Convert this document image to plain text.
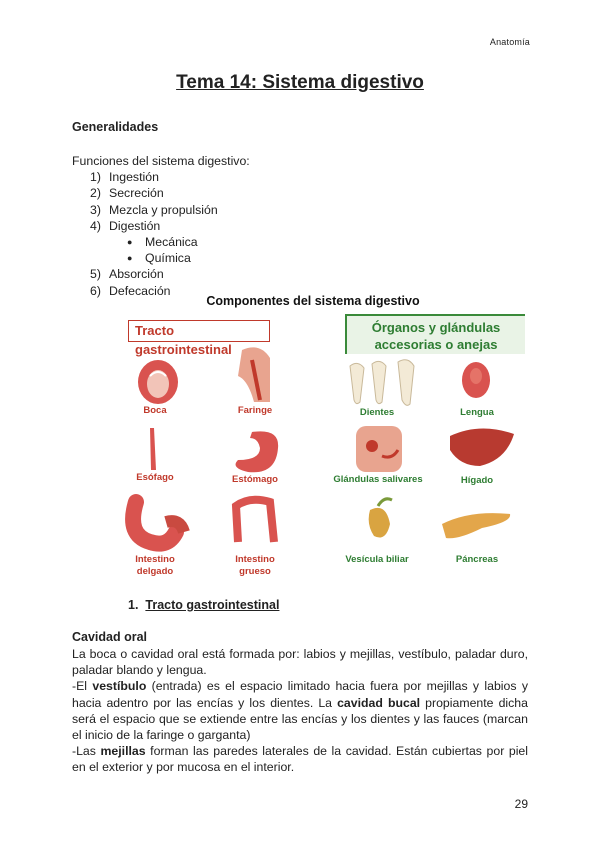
Anatomía
Tema 14: Sistema digestivo
Generalidades
Funciones del sistema digestivo:
1) Ingestión
2) Secreción
3) Mezcla y propulsión
4) Digestión
● Mecánica
● Química
5) Absorción
6) Defecación
Componentes del sistema digestivo
Tracto gastrointestinal
Órganos y glándulas
accesorias o anejas
Boca	Faringe
Esófago	Estómago
Intestino
delgado
Intestino
grueso
Dientes	Lengua
Glándulas salivares	Hígado
Vesícula biliar	Páncreas
1. Tracto gastrointestinal
Cavidad oral
La boca o cavidad oral está formada por: labios y mejillas, vestíbulo, paladar duro, paladar blando y lengua.
-El vestíbulo (entrada) es el espacio limitado hacia fuera por mejillas y labios y hacia adentro por las encías y los dientes. La cavidad bucal propiamente dicha será el espacio que se extiende entre las encías y los dientes y las fauces (marcan el inicio de la faringe o garganta)
-Las mejillas forman las paredes laterales de la cavidad. Están cubiertas por piel en el exterior y por mucosa en el interior.
29
